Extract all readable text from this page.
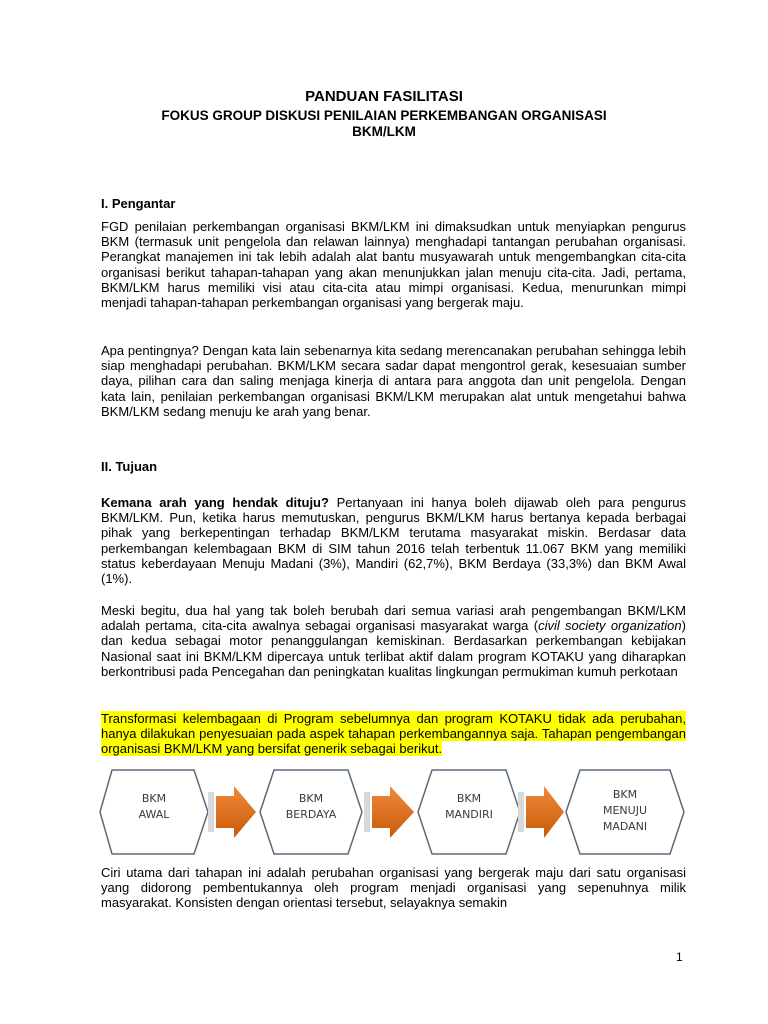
PANDUAN FASILITASI
FOKUS GROUP DISKUSI PENILAIAN PERKEMBANGAN ORGANISASI
BKM/LKM
I. Pengantar
FGD penilaian perkembangan organisasi BKM/LKM ini dimaksudkan untuk menyiapkan pengurus BKM (termasuk unit pengelola dan relawan lainnya) menghadapi tantangan perubahan organisasi. Perangkat manajemen ini tak lebih adalah alat bantu musyawarah untuk mengembangkan cita-cita organisasi berikut tahapan-tahapan yang akan menunjukkan jalan menuju cita-cita. Jadi, pertama, BKM/LKM harus memiliki visi atau cita-cita atau mimpi organisasi. Kedua, menurunkan mimpi menjadi tahapan-tahapan perkembangan organisasi yang bergerak maju.
Apa pentingnya? Dengan kata lain sebenarnya kita sedang merencanakan perubahan sehingga lebih siap menghadapi perubahan. BKM/LKM secara sadar dapat mengontrol gerak, kesesuaian sumber daya, pilihan cara dan saling menjaga kinerja di antara para anggota dan unit pengelola. Dengan kata lain, penilaian perkembangan organisasi BKM/LKM merupakan alat untuk mengetahui bahwa BKM/LKM sedang menuju ke arah yang benar.
II. Tujuan
Kemana arah yang hendak dituju? Pertanyaan ini hanya boleh dijawab oleh para pengurus BKM/LKM. Pun, ketika harus memutuskan, pengurus BKM/LKM harus bertanya kepada berbagai pihak yang berkepentingan terhadap BKM/LKM terutama masyarakat miskin. Berdasar data perkembangan kelembagaan BKM di SIM tahun 2016 telah terbentuk 11.067 BKM yang memiliki status keberdayaan Menuju Madani (3%), Mandiri (62,7%), BKM Berdaya (33,3%) dan BKM Awal (1%).
Meski begitu, dua hal yang tak boleh berubah dari semua variasi arah pengembangan BKM/LKM adalah pertama, cita-cita awalnya sebagai organisasi masyarakat warga (civil society organization) dan kedua sebagai motor penanggulangan kemiskinan. Berdasarkan perkembangan kebijakan Nasional saat ini BKM/LKM dipercaya untuk terlibat aktif dalam program KOTAKU yang diharapkan berkontribusi pada Pencegahan dan peningkatan kualitas lingkungan permukiman kumuh perkotaan
Transformasi kelembagaan di Program sebelumnya dan program KOTAKU tidak ada perubahan, hanya dilakukan penyesuaian pada aspek tahapan perkembangannya saja. Tahapan pengembangan organisasi BKM/LKM yang bersifat generik sebagai berikut.
BKM
AWAL
BKM
BERDAYA
BKM
MANDIRI
BKM
MENUJU
MADANI
Ciri utama dari tahapan ini adalah perubahan organisasi yang bergerak maju dari satu organisasi yang didorong pembentukannya oleh program menjadi organisasi yang sepenuhnya milik masyarakat. Konsisten dengan orientasi tersebut, selayaknya semakin
1
